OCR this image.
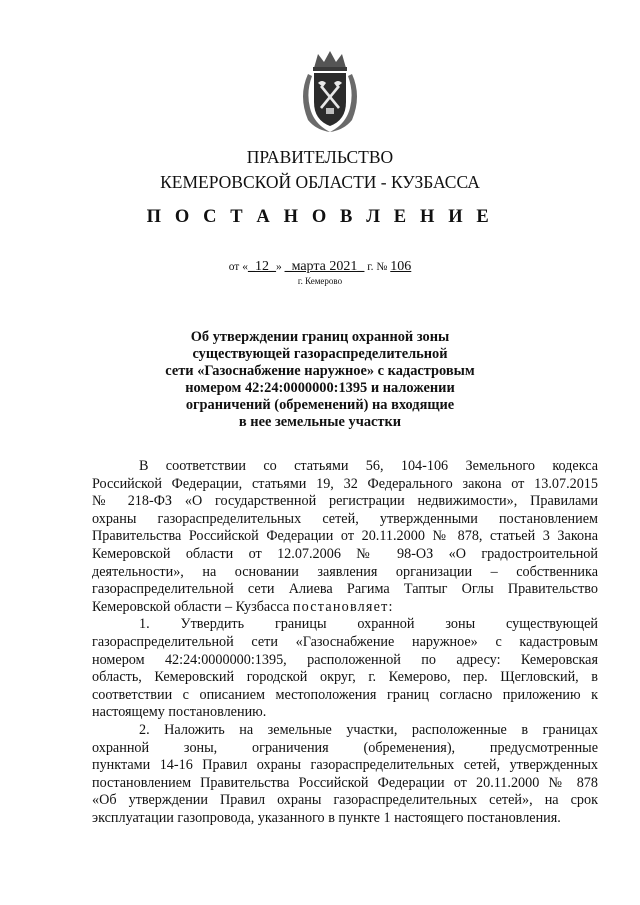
ПРАВИТЕЛЬСТВО
КЕМЕРОВСКОЙ ОБЛАСТИ - КУЗБАССА
П О С Т А Н О В Л Е Н И Е
от «_12_» _марта 2021_ г. № 106
г. Кемерово
Об утверждении границ охранной зоны
существующей газораспределительной
сети «Газоснабжение наружное» с кадастровым
номером 42:24:0000000:1395 и наложении
ограничений (обременений) на входящие
в нее земельные участки
В соответствии со статьями 56, 104-106 Земельного кодекса
Российской Федерации, статьями 19, 32 Федерального закона от 13.07.2015
№ 218-ФЗ «О государственной регистрации недвижимости», Правилами
охраны газораспределительных сетей, утвержденными постановлением
Правительства Российской Федерации от 20.11.2000 № 878, статьей 3 Закона
Кемеровской области от 12.07.2006 № 98-ОЗ «О градостроительной
деятельности», на основании заявления организации – собственника
газораспределительной сети Алиева Рагима Таптыг Оглы Правительство
Кемеровской области – Кузбасса постановляет:
1. Утвердить границы охранной зоны существующей
газораспределительной сети «Газоснабжение наружное» с кадастровым
номером 42:24:0000000:1395, расположенной по адресу: Кемеровская
область, Кемеровский городской округ, г. Кемерово, пер. Щегловский, в
соответствии с описанием местоположения границ согласно приложению к
настоящему постановлению.
2. Наложить на земельные участки, расположенные в границах
охранной зоны, ограничения (обременения), предусмотренные
пунктами 14-16 Правил охраны газораспределительных сетей, утвержденных
постановлением Правительства Российской Федерации от 20.11.2000 № 878
«Об утверждении Правил охраны газораспределительных сетей», на срок
эксплуатации газопровода, указанного в пункте 1 настоящего постановления.
